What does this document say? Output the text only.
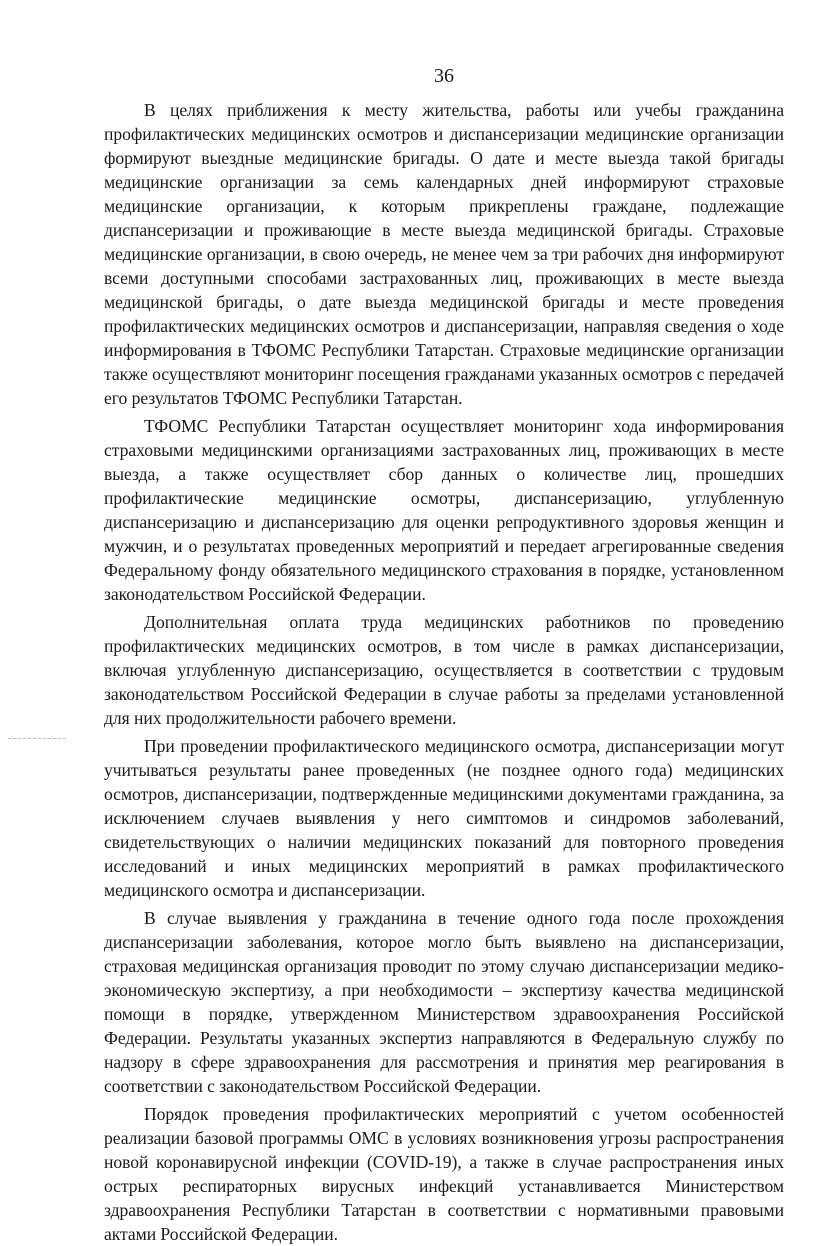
36

В целях приближения к месту жительства, работы или учебы гражданина профилактических медицинских осмотров и диспансеризации медицинские организации формируют выездные медицинские бригады. О дате и месте выезда такой бригады медицинские организации за семь календарных дней информируют страховые медицинские организации, к которым прикреплены граждане, подлежащие диспансеризации и проживающие в месте выезда медицинской бригады. Страховые медицинские организации, в свою очередь, не менее чем за три рабочих дня информируют всеми доступными способами застрахованных лиц, проживающих в месте выезда медицинской бригады, о дате выезда медицинской бригады и месте проведения профилактических медицинских осмотров и диспансеризации, направляя сведения о ходе информирования в ТФОМС Республики Татарстан. Страховые медицинские организации также осуществляют мониторинг посещения гражданами указанных осмотров с передачей его результатов ТФОМС Республики Татарстан.

ТФОМС Республики Татарстан осуществляет мониторинг хода информирования страховыми медицинскими организациями застрахованных лиц, проживающих в месте выезда, а также осуществляет сбор данных о количестве лиц, прошедших профилактические медицинские осмотры, диспансеризацию, углубленную диспансеризацию и диспансеризацию для оценки репродуктивного здоровья женщин и мужчин, и о результатах проведенных мероприятий и передает агрегированные сведения Федеральному фонду обязательного медицинского страхования в порядке, установленном законодательством Российской Федерации.

Дополнительная оплата труда медицинских работников по проведению профилактических медицинских осмотров, в том числе в рамках диспансеризации, включая углубленную диспансеризацию, осуществляется в соответствии с трудовым законодательством Российской Федерации в случае работы за пределами установленной для них продолжительности рабочего времени.

При проведении профилактического медицинского осмотра, диспансеризации могут учитываться результаты ранее проведенных (не позднее одного года) медицинских осмотров, диспансеризации, подтвержденные медицинскими документами гражданина, за исключением случаев выявления у него симптомов и синдромов заболеваний, свидетельствующих о наличии медицинских показаний для повторного проведения исследований и иных медицинских мероприятий в рамках профилактического медицинского осмотра и диспансеризации.

В случае выявления у гражданина в течение одного года после прохождения диспансеризации заболевания, которое могло быть выявлено на диспансеризации, страховая медицинская организация проводит по этому случаю диспансеризации медико-экономическую экспертизу, а при необходимости – экспертизу качества медицинской помощи в порядке, утвержденном Министерством здравоохранения Российской Федерации. Результаты указанных экспертиз направляются в Федеральную службу по надзору в сфере здравоохранения для рассмотрения и принятия мер реагирования в соответствии с законодательством Российской Федерации.

Порядок проведения профилактических мероприятий с учетом особенностей реализации базовой программы ОМС в условиях возникновения угрозы распространения новой коронавирусной инфекции (COVID-19), а также в случае распространения иных острых респираторных вирусных инфекций устанавливается Министерством здравоохранения Республики Татарстан в соответствии с нормативными правовыми актами Российской Федерации.
